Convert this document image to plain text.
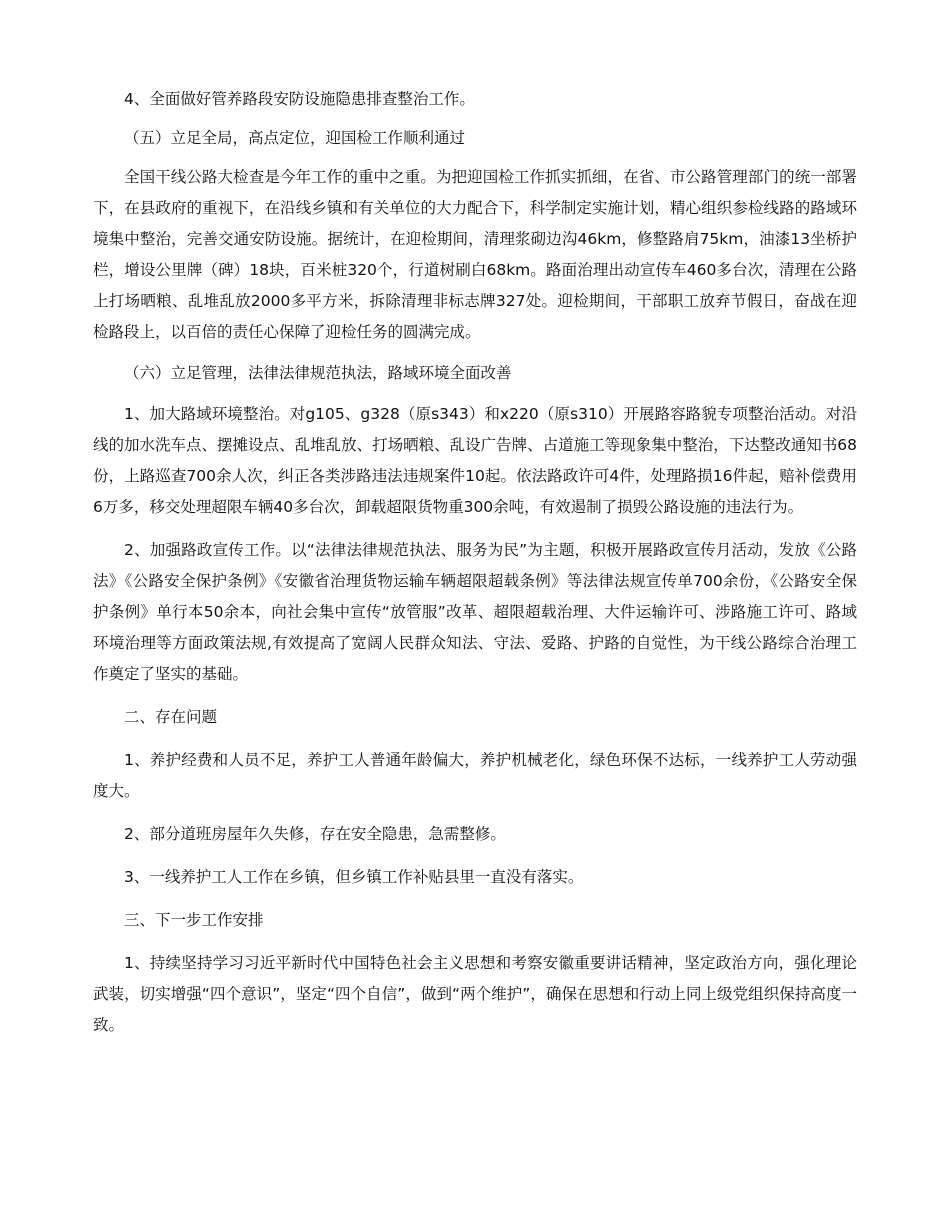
4、全面做好管养路段安防设施隐患排查整治工作。

（五）立足全局，高点定位，迎国检工作顺利通过

全国干线公路大检查是今年工作的重中之重。为把迎国检工作抓实抓细，在省、市公路管理部门的统一部署下，在县政府的重视下，在沿线乡镇和有关单位的大力配合下，科学制定实施计划，精心组织参检线路的路域环境集中整治，完善交通安防设施。据统计，在迎检期间，清理浆砌边沟46km，修整路肩75km，油漆13坐桥护栏，增设公里牌（碑）18块，百米桩320个，行道树刷白68km。路面治理出动宣传车460多台次，清理在公路上打场晒粮、乱堆乱放2000多平方米，拆除清理非标志牌327处。迎检期间，干部职工放弃节假日，奋战在迎检路段上，以百倍的责任心保障了迎检任务的圆满完成。

（六）立足管理，法律法律规范执法，路域环境全面改善

1、加大路域环境整治。对g105、g328（原s343）和x220（原s310）开展路容路貌专项整治活动。对沿线的加水洗车点、摆摊设点、乱堆乱放、打场晒粮、乱设广告牌、占道施工等现象集中整治，下达整改通知书68份，上路巡查700余人次，纠正各类涉路违法违规案件10起。依法路政许可4件，处理路损16件起，赔补偿费用6万多，移交处理超限车辆40多台次，卸载超限货物重300余吨，有效遏制了损毁公路设施的违法行为。

2、加强路政宣传工作。以“法律法律规范执法、服务为民”为主题，积极开展路政宣传月活动，发放《公路法》《公路安全保护条例》《安徽省治理货物运输车辆超限超载条例》等法律法规宣传单700余份，《公路安全保护条例》单行本50余本，向社会集中宣传“放管服”改革、超限超载治理、大件运输许可、涉路施工许可、路域环境治理等方面政策法规,有效提高了宽阔人民群众知法、守法、爱路、护路的自觉性，为干线公路综合治理工作奠定了坚实的基础。

二、存在问题

1、养护经费和人员不足，养护工人普通年龄偏大，养护机械老化，绿色环保不达标，一线养护工人劳动强度大。

2、部分道班房屋年久失修，存在安全隐患，急需整修。

3、一线养护工人工作在乡镇，但乡镇工作补贴县里一直没有落实。

三、下一步工作安排

1、持续坚持学习习近平新时代中国特色社会主义思想和考察安徽重要讲话精神，坚定政治方向，强化理论武装，切实增强“四个意识”，坚定“四个自信”，做到“两个维护”，确保在思想和行动上同上级党组织保持高度一致。
